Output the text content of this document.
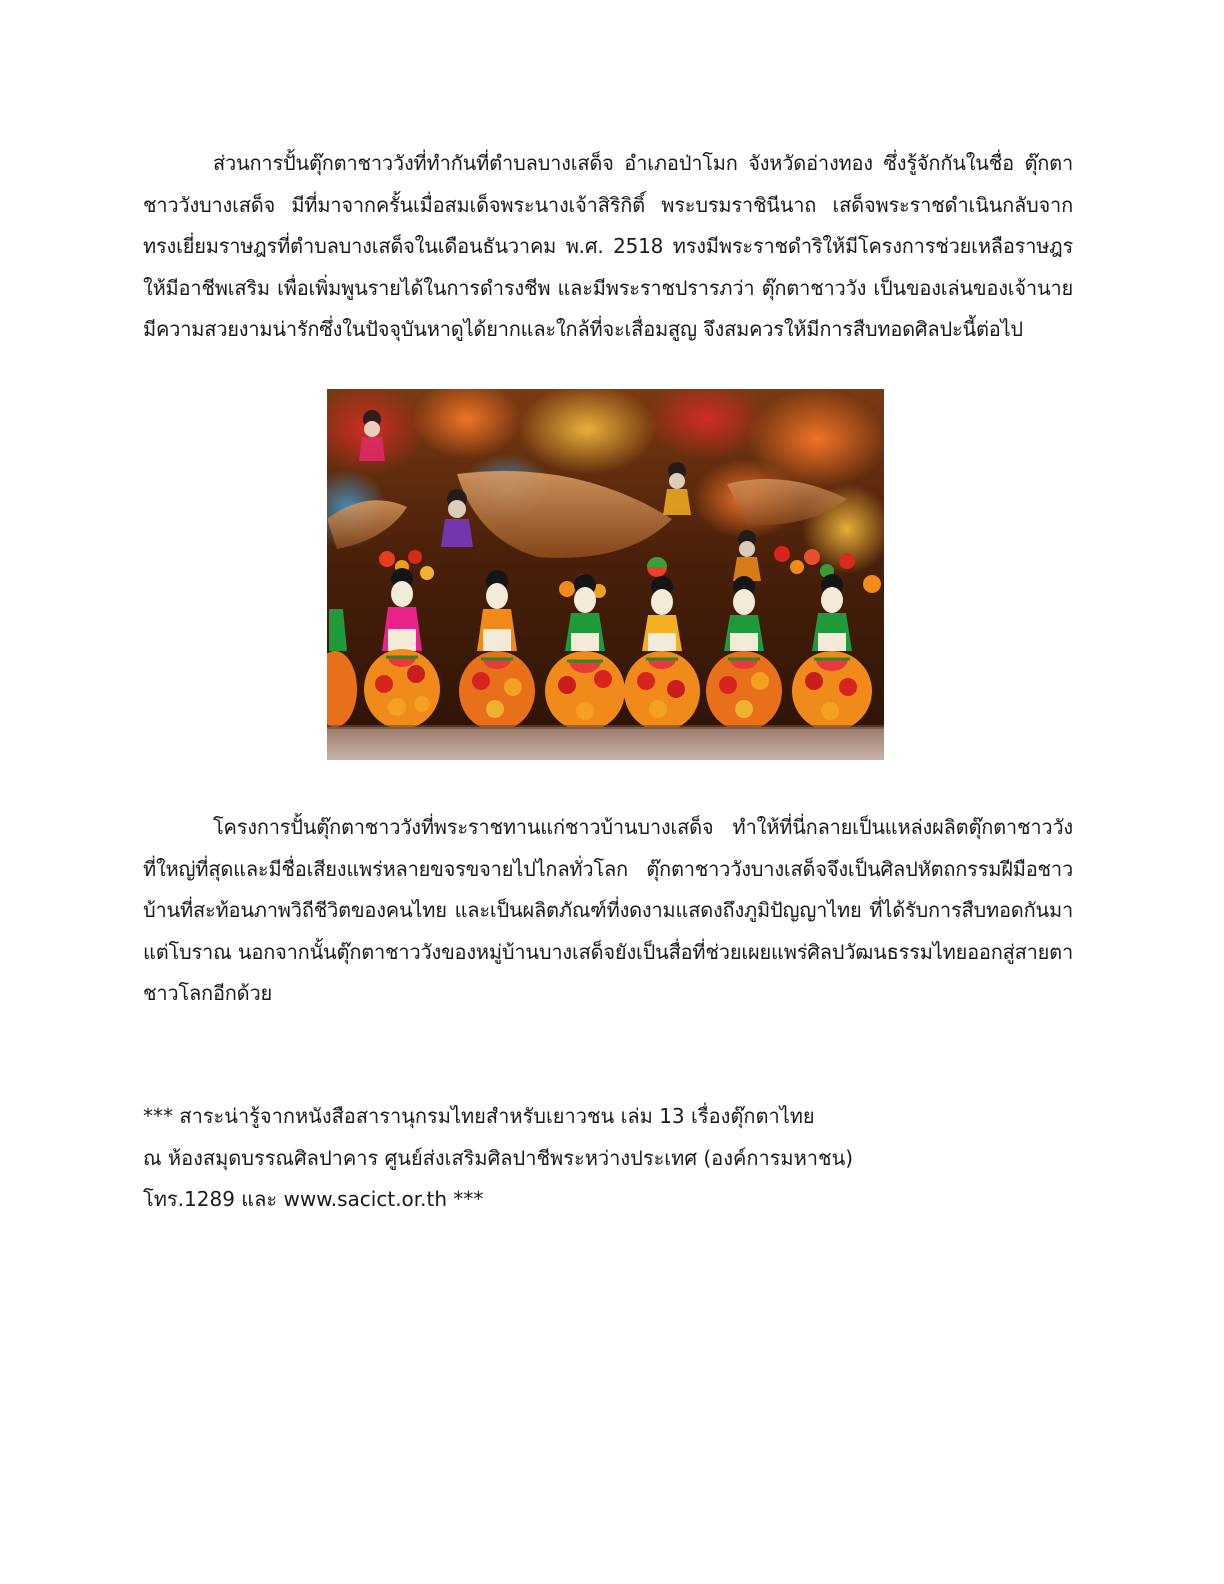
ส่วนการปั้นตุ๊กตาชาววังที่ทำกันที่ตำบลบางเสด็จ อำเภอป่าโมก จังหวัดอ่างทอง ซึ่งรู้จักกันในชื่อ ตุ๊กตาชาววังบางเสด็จ มีที่มาจากครั้นเมื่อสมเด็จพระนางเจ้าสิริกิติ์ พระบรมราชินีนาถ เสด็จพระราชดำเนินกลับจากทรงเยี่ยมราษฎรที่ตำบลบางเสด็จในเดือนธันวาคม พ.ศ. 2518 ทรงมีพระราชดำริให้มีโครงการช่วยเหลือราษฎรให้มีอาชีพเสริม เพื่อเพิ่มพูนรายได้ในการดำรงชีพ และมีพระราชปรารภว่า ตุ๊กตาชาววัง เป็นของเล่นของเจ้านายมีความสวยงามน่ารักซึ่งในปัจจุบันหาดูได้ยากและใกล้ที่จะเสื่อมสูญ จึงสมควรให้มีการสืบทอดศิลปะนี้ต่อไป

โครงการปั้นตุ๊กตาชาววังที่พระราชทานแก่ชาวบ้านบางเสด็จ ทำให้ที่นี่กลายเป็นแหล่งผลิตตุ๊กตาชาววังที่ใหญ่ที่สุดและมีชื่อเสียงแพร่หลายขจรขจายไปไกลทั่วโลก ตุ๊กตาชาววังบางเสด็จจึงเป็นศิลปหัตถกรรมฝีมือชาวบ้านที่สะท้อนภาพวิถีชีวิตของคนไทย และเป็นผลิตภัณฑ์ที่งดงามแสดงถึงภูมิปัญญาไทย ที่ได้รับการสืบทอดกันมาแต่โบราณ นอกจากนั้นตุ๊กตาชาววังของหมู่บ้านบางเสด็จยังเป็นสื่อที่ช่วยเผยแพร่ศิลปวัฒนธรรมไทยออกสู่สายตาชาวโลกอีกด้วย

*** สาระน่ารู้จากหนังสือสารานุกรมไทยสำหรับเยาวชน เล่ม 13 เรื่องตุ๊กตาไทย

ณ ห้องสมุดบรรณศิลปาคาร ศูนย์ส่งเสริมศิลปาชีพระหว่างประเทศ (องค์การมหาชน)

โทร.1289 และ www.sacict.or.th ***
